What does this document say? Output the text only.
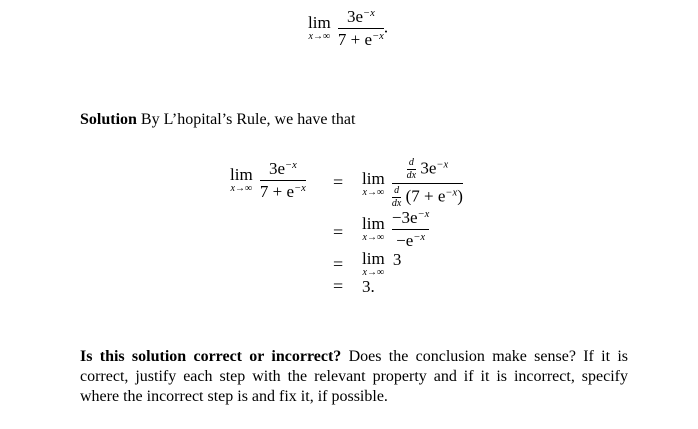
lim
x→∞
$\frac{3e^{-x}}{7 + e^{-x}}$ .
Solution By L’hopital’s Rule, we have that
lim
x→∞
$\frac{3e^{-x}}{7 + e^{-x}}$ =
=
=
=
lim
x→∞
$\frac{\frac{d}{dx} 3e^{-x}}{\frac{d}{dx} (7 + e^{-x})}$
lim
x→∞
$\frac{-3e^{-x}}{-e^{-x}}$
lim
x→∞
3
3.
Is this solution correct or incorrect? Does the conclusion make sense? If it is correct, justify each step with the relevant property and if it is incorrect, specify where the incorrect step is and fix it, if possible.
